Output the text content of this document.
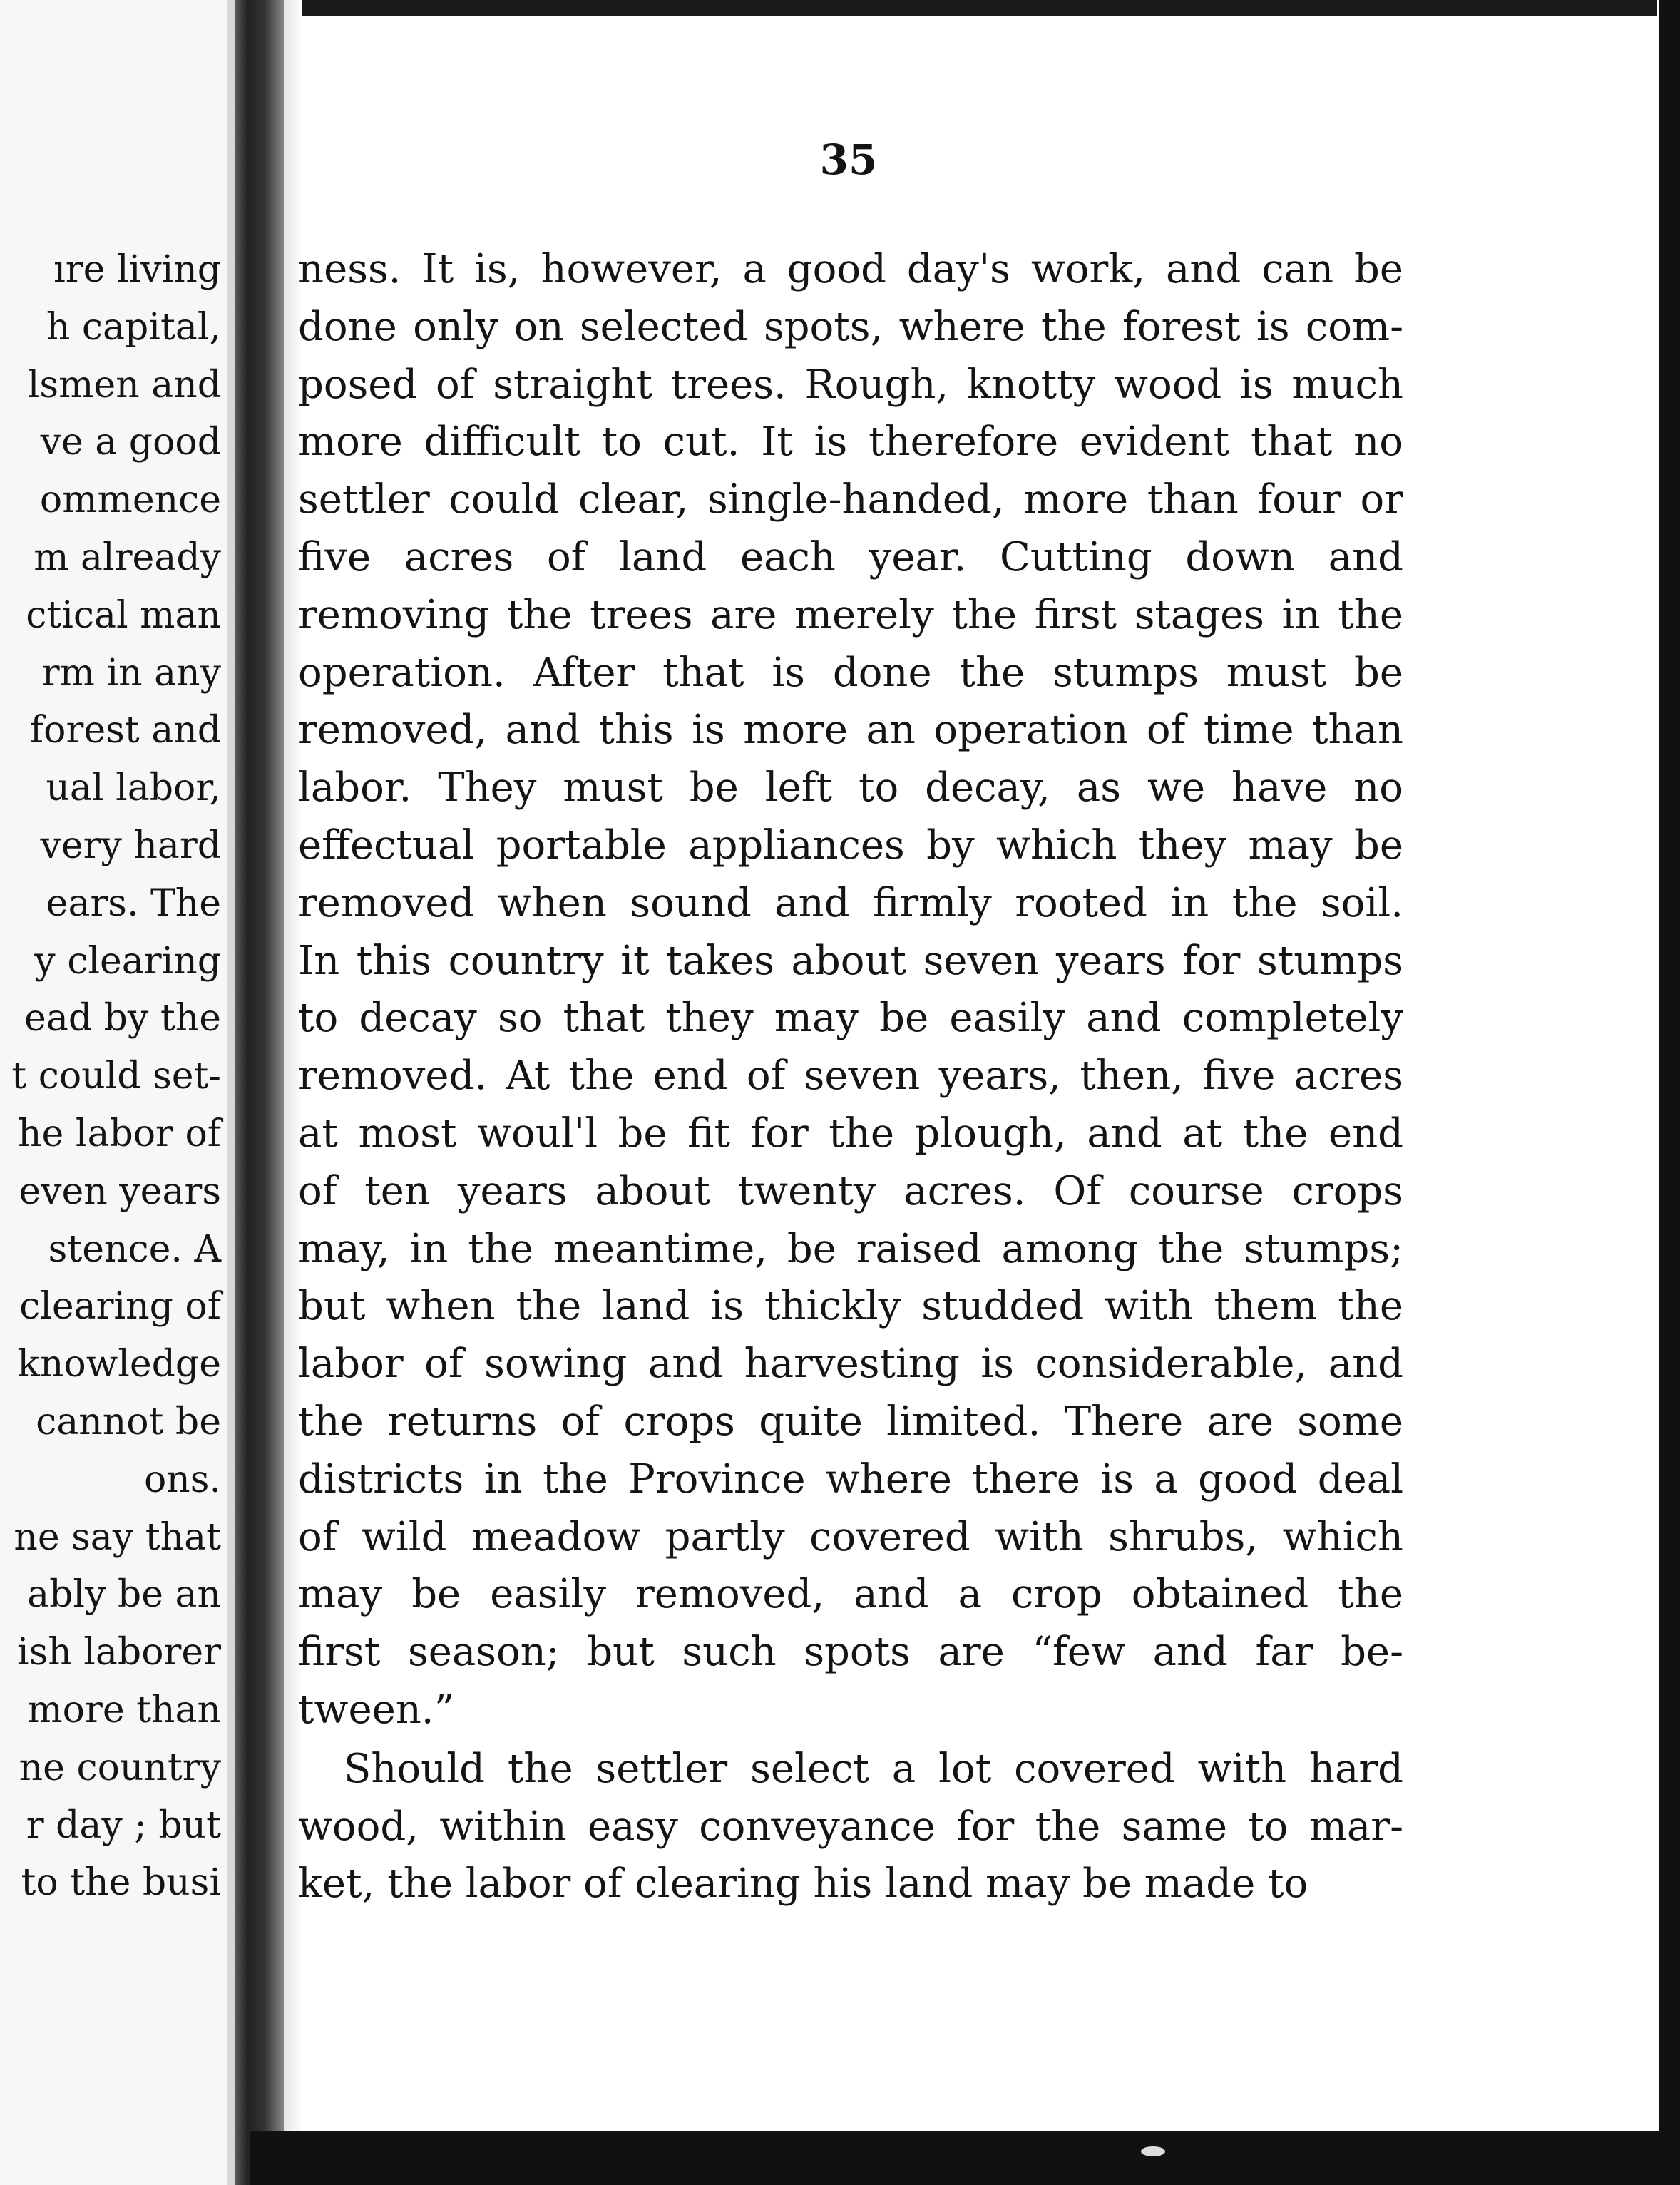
ıre living
h capital,
lsmen and
ve a good
ommence
m already
ctical man
rm in any
forest and
ual labor,
very hard
ears. The
y clearing
ead by the
t could set-
he labor of
even years
stence. A
clearing of
knowledge
cannot be
ons.
ne say that
ably be an
ish laborer
more than
ne country
r day ; but
to the busi
35
ness. It is, however, a good day's work, and can be
done only on selected spots, where the forest is com-
posed of straight trees. Rough, knotty wood is much
more difficult to cut. It is therefore evident that no
settler could clear, single-handed, more than four or
five acres of land each year. Cutting down and
removing the trees are merely the first stages in the
operation. After that is done the stumps must be
removed, and this is more an operation of time than
labor. They must be left to decay, as we have no
effectual portable appliances by which they may be
removed when sound and firmly rooted in the soil.
In this country it takes about seven years for stumps
to decay so that they may be easily and completely
removed. At the end of seven years, then, five acres
at most woul'l be fit for the plough, and at the end
of ten years about twenty acres. Of course crops
may, in the meantime, be raised among the stumps;
but when the land is thickly studded with them the
labor of sowing and harvesting is considerable, and
the returns of crops quite limited. There are some
districts in the Province where there is a good deal
of wild meadow partly covered with shrubs, which
may be easily removed, and a crop obtained the
first season; but such spots are “few and far be-
tween.”
Should the settler select a lot covered with hard
wood, within easy conveyance for the same to mar-
ket, the labor of clearing his land may be made to
